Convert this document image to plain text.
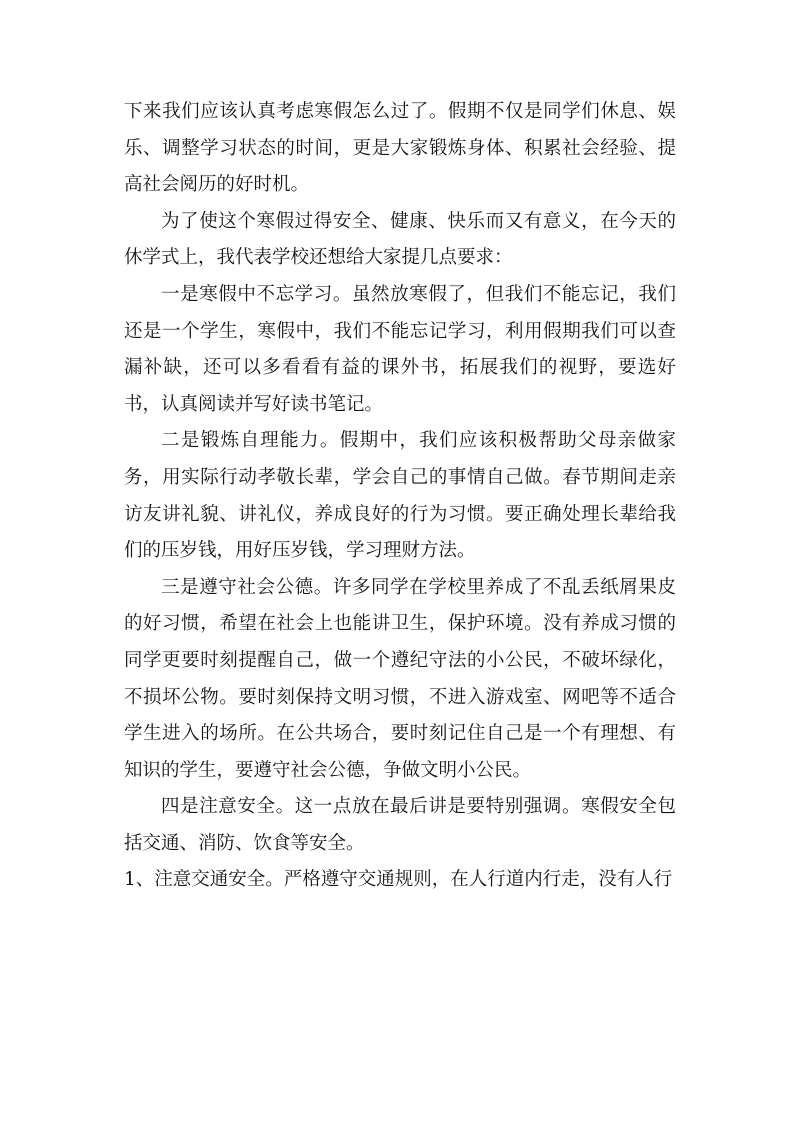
下来我们应该认真考虑寒假怎么过了。假期不仅是同学们休息、娱乐、调整学习状态的时间，更是大家锻炼身体、积累社会经验、提高社会阅历的好时机。

为了使这个寒假过得安全、健康、快乐而又有意义，在今天的休学式上，我代表学校还想给大家提几点要求：

一是寒假中不忘学习。虽然放寒假了，但我们不能忘记，我们还是一个学生，寒假中，我们不能忘记学习，利用假期我们可以查漏补缺，还可以多看看有益的课外书，拓展我们的视野，要选好书，认真阅读并写好读书笔记。

二是锻炼自理能力。假期中，我们应该积极帮助父母亲做家务，用实际行动孝敬长辈，学会自己的事情自己做。春节期间走亲访友讲礼貌、讲礼仪，养成良好的行为习惯。要正确处理长辈给我们的压岁钱，用好压岁钱，学习理财方法。

三是遵守社会公德。许多同学在学校里养成了不乱丢纸屑果皮的好习惯，希望在社会上也能讲卫生，保护环境。没有养成习惯的同学更要时刻提醒自己，做一个遵纪守法的小公民，不破坏绿化，不损坏公物。要时刻保持文明习惯，不进入游戏室、网吧等不适合学生进入的场所。在公共场合，要时刻记住自己是一个有理想、有知识的学生，要遵守社会公德，争做文明小公民。

四是注意安全。这一点放在最后讲是要特别强调。寒假安全包括交通、消防、饮食等安全。

1、注意交通安全。严格遵守交通规则，在人行道内行走，没有人行
